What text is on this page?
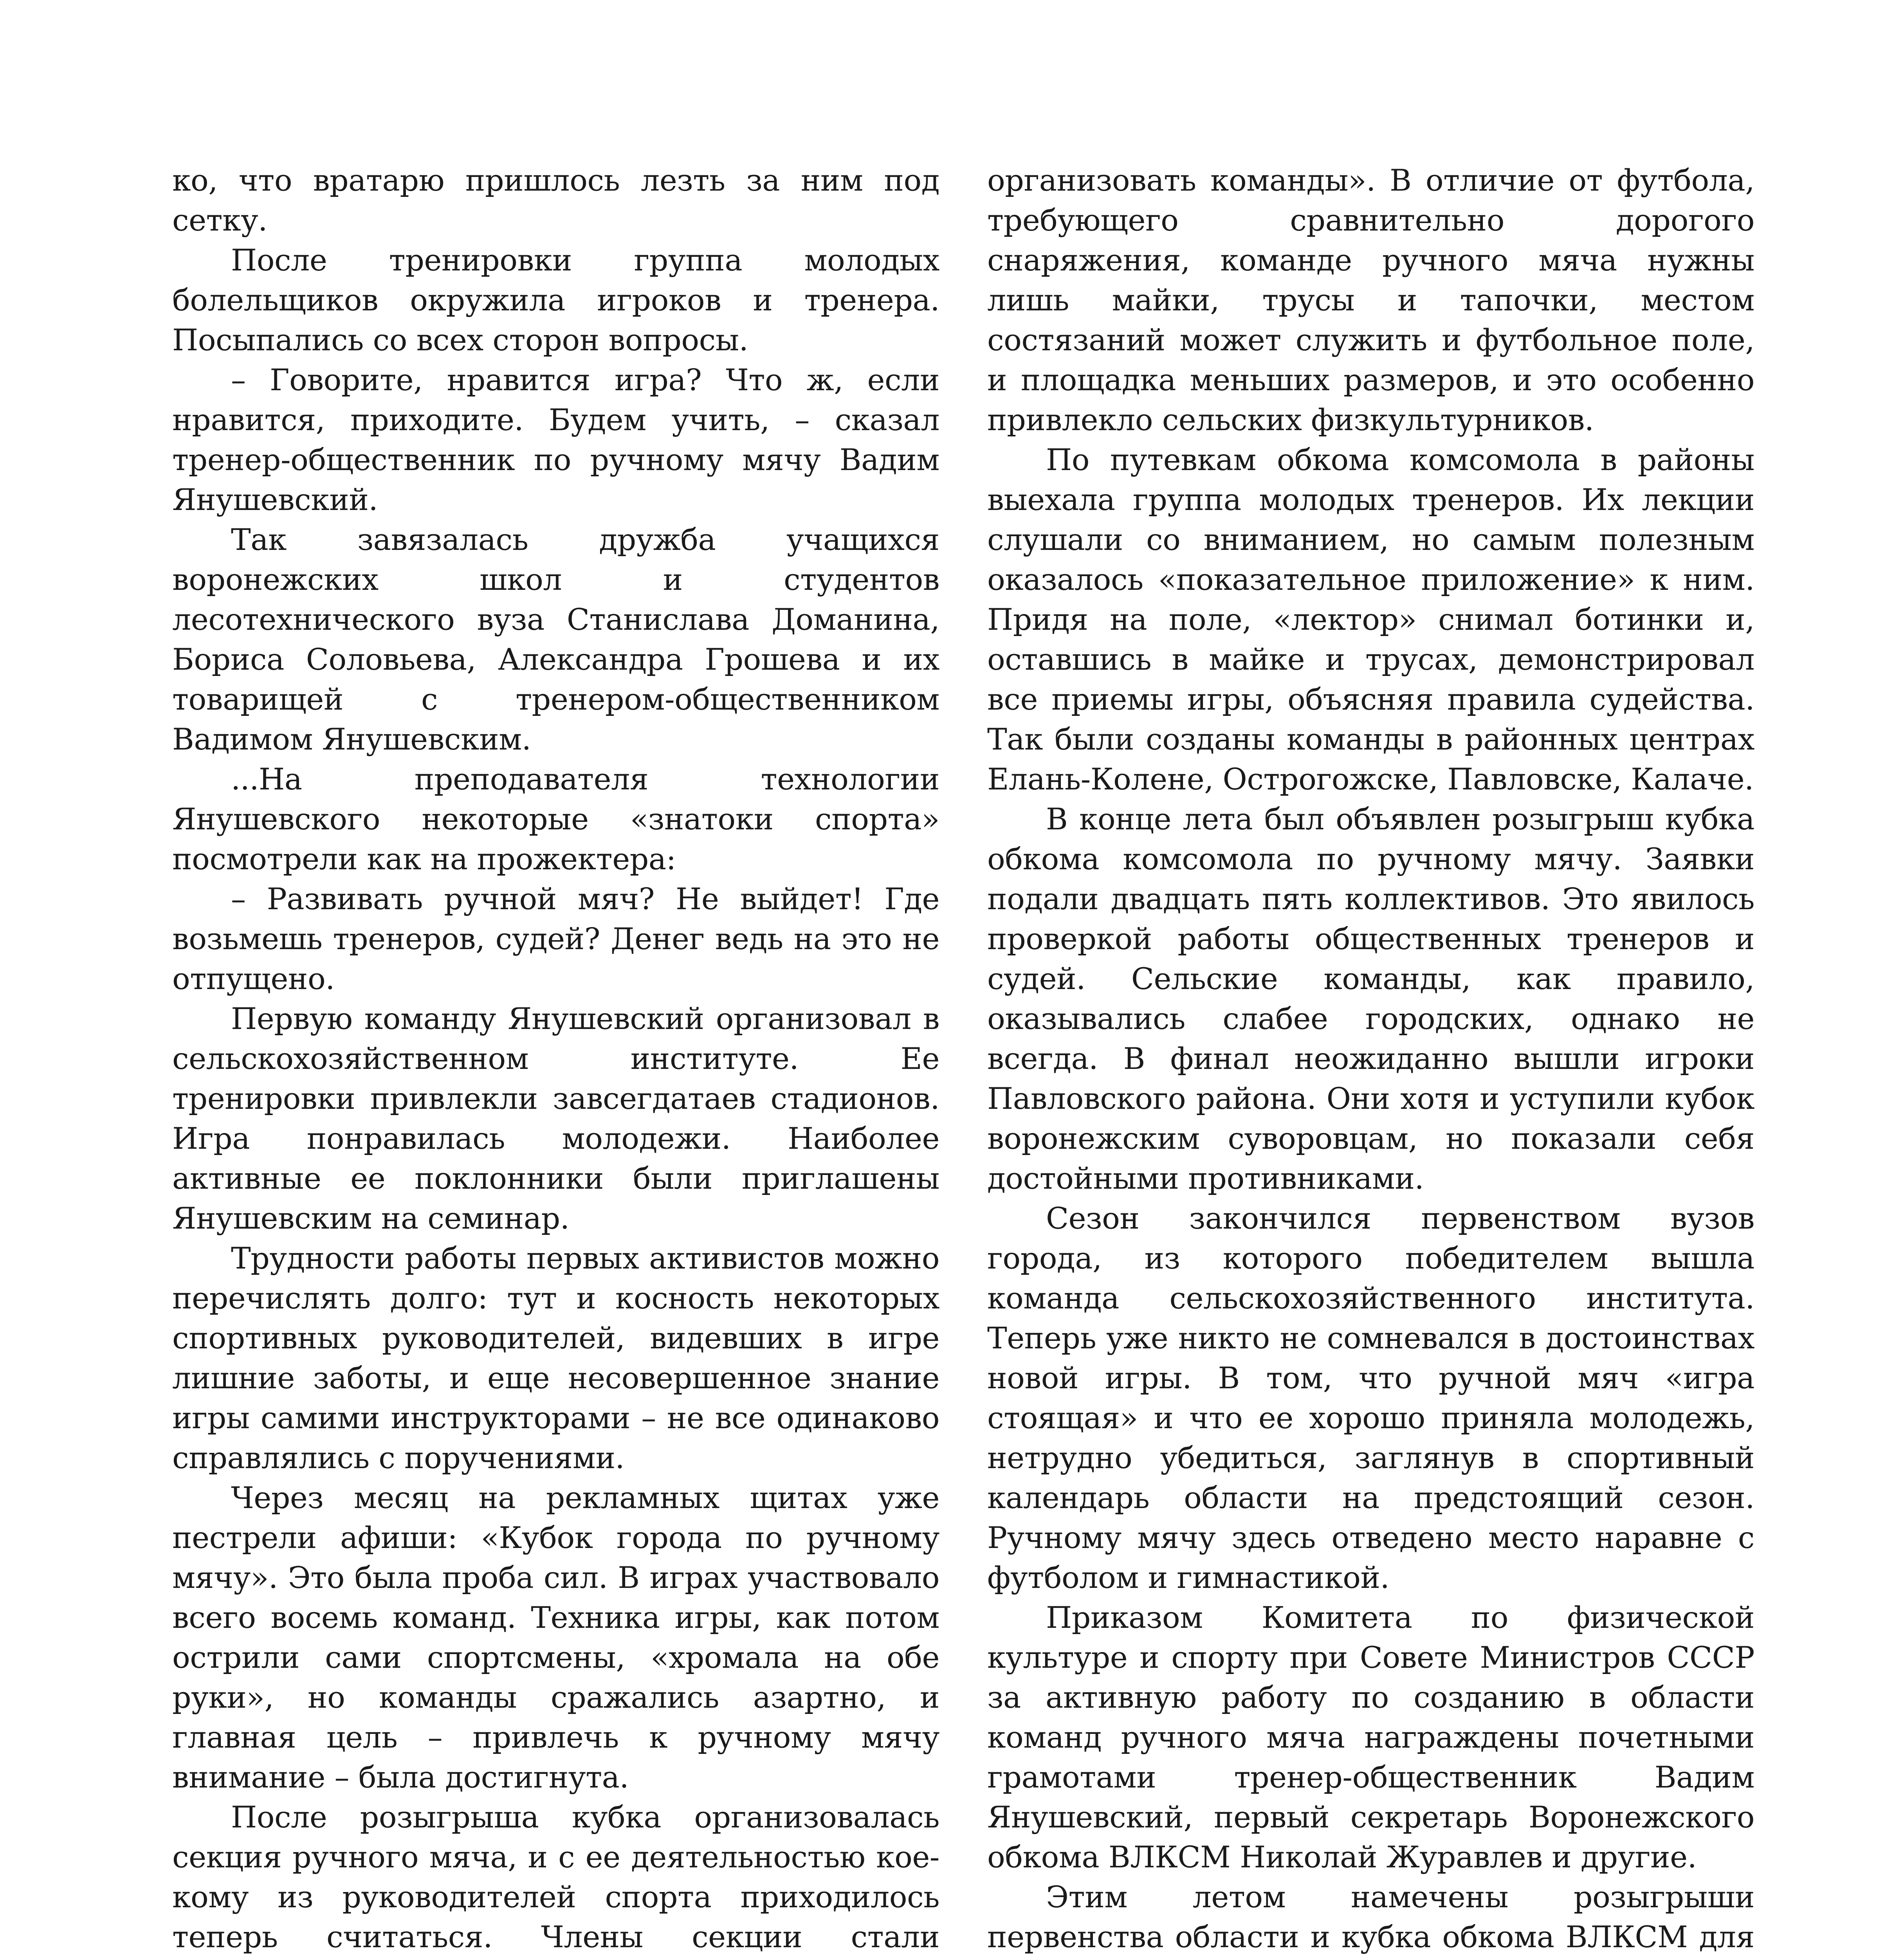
ко, что вратарю пришлось лезть за ним под сетку.

После тренировки группа молодых болельщиков окружила игроков и тренера. Посыпались со всех сторон вопросы.

– Говорите, нравится игра? Что ж, если нравится, приходите. Будем учить, – сказал тренер-общественник по ручному мячу Вадим Янушевский.

Так завязалась дружба учащихся воронежских школ и студентов лесотехнического вуза Станислава Доманина, Бориса Соловьева, Александра Грошева и их товарищей с тренером-общественником Вадимом Янушевским.

...На преподавателя технологии Янушевского некоторые «знатоки спорта» посмотрели как на прожектера:

– Развивать ручной мяч? Не выйдет! Где возьмешь тренеров, судей? Денег ведь на это не отпущено.

Первую команду Янушевский организовал в сельскохозяйственном институте. Ее тренировки привлекли завсегдатаев стадионов. Игра понравилась молодежи. Наиболее активные ее поклонники были приглашены Янушевским на семинар.

Трудности работы первых активистов можно перечислять долго: тут и косность некоторых спортивных руководителей, видевших в игре лишние заботы, и еще несовершенное знание игры самими инструкторами – не все одинаково справлялись с поручениями.

Через месяц на рекламных щитах уже пестрели афиши: «Кубок города по ручному мячу». Это была проба сил. В играх участвовало всего восемь команд. Техника игры, как потом острили сами спортсмены, «хромала на обе руки», но команды сражались азартно, и главная цель – привлечь к ручному мячу внимание – была достигнута.

После розыгрыша кубка организовалась секция ручного мяча, и с ее деятельностью кое-кому из руководителей спорта приходилось теперь считаться. Члены секции стали

организовать команды». В отличие от футбола, требующего сравнительно дорогого снаряжения, команде ручного мяча нужны лишь майки, трусы и тапочки, местом состязаний может служить и футбольное поле, и площадка меньших размеров, и это особенно привлекло сельских физкультурников.

По путевкам обкома комсомола в районы выехала группа молодых тренеров. Их лекции слушали со вниманием, но самым полезным оказалось «показательное приложение» к ним. Придя на поле, «лектор» снимал ботинки и, оставшись в майке и трусах, демонстрировал все приемы игры, объясняя правила судейства. Так были созданы команды в районных центрах Елань-Колене, Острогожске, Павловске, Калаче.

В конце лета был объявлен розыгрыш кубка обкома комсомола по ручному мячу. Заявки подали двадцать пять коллективов. Это явилось проверкой работы общественных тренеров и судей. Сельские команды, как правило, оказывались слабее городских, однако не всегда. В финал неожиданно вышли игроки Павловского района. Они хотя и уступили кубок воронежским суворовцам, но показали себя достойными противниками.

Сезон закончился первенством вузов города, из которого победителем вышла команда сельскохозяйственного института. Теперь уже никто не сомневался в достоинствах новой игры. В том, что ручной мяч «игра стоящая» и что ее хорошо приняла молодежь, нетрудно убедиться, заглянув в спортивный календарь области на предстоящий сезон. Ручному мячу здесь отведено место наравне с футболом и гимнастикой.

Приказом Комитета по физической культуре и спорту при Совете Министров СССР за активную работу по созданию в области команд ручного мяча награждены почетными грамотами тренер-общественник Вадим Янушевский, первый секретарь Воронежского обкома ВЛКСМ Николай Журавлев и другие.

Этим летом намечены розыгрыши первенства области и кубка обкома ВЛКСМ для
